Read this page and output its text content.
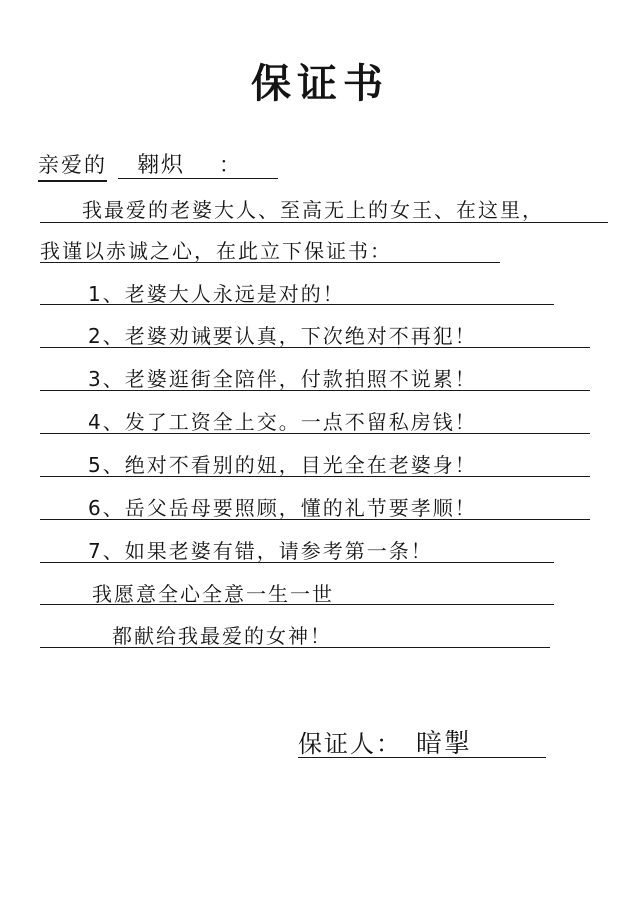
保证书
亲爱的 翱炽 ：
我最爱的老婆大人、至高无上的女王、在这里，
我谨以赤诚之心，在此立下保证书：
1、老婆大人永远是对的！
2、老婆劝诫要认真，下次绝对不再犯！
3、老婆逛街全陪伴，付款拍照不说累！
4、发了工资全上交。一点不留私房钱！
5、绝对不看别的妞，目光全在老婆身！
6、岳父岳母要照顾，懂的礼节要孝顺！
7、如果老婆有错，请参考第一条！
我愿意全心全意一生一世
都献给我最爱的女神！
保证人： 暗掣
